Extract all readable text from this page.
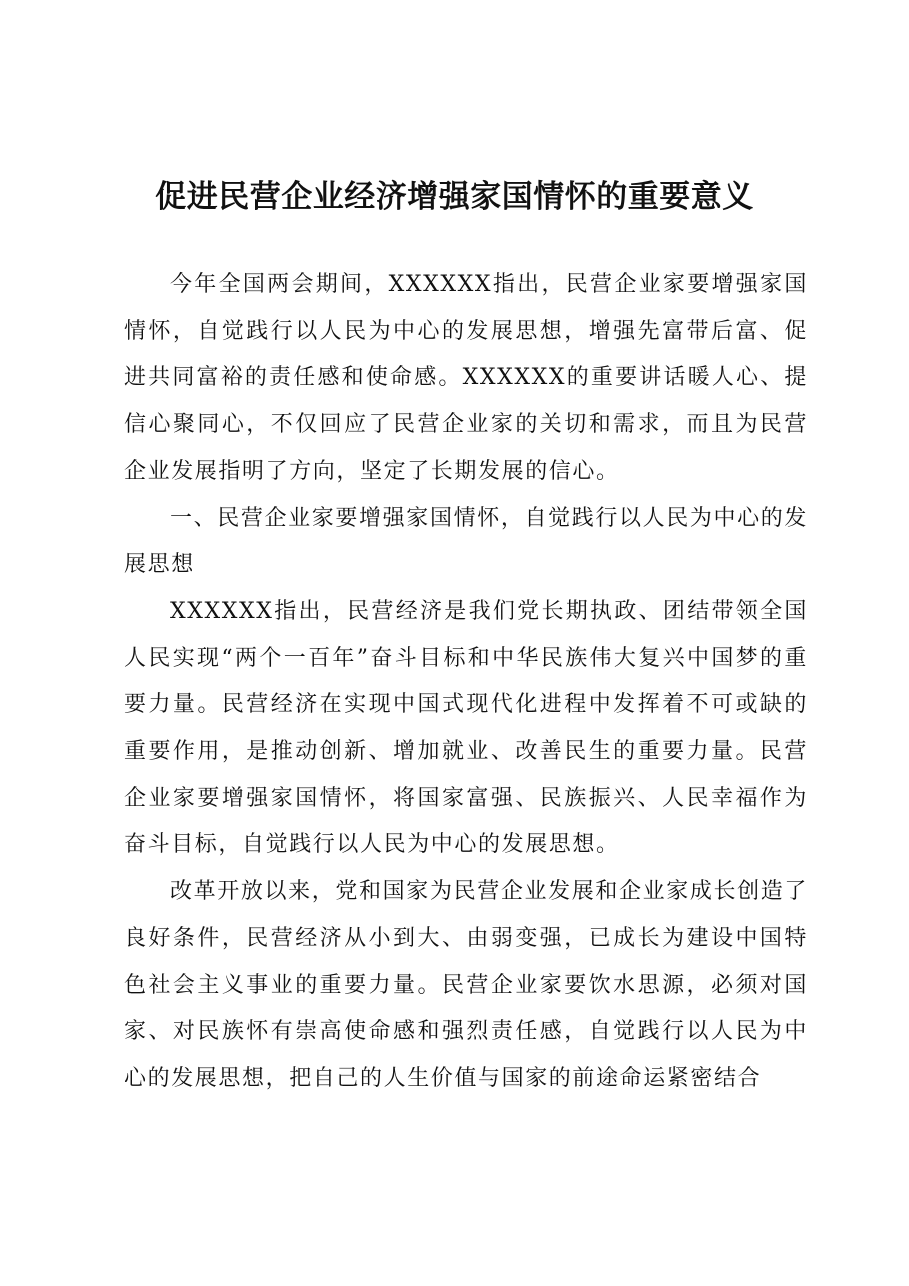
促进民营企业经济增强家国情怀的重要意义

今年全国两会期间，XXXXXX指出，民营企业家要增强家国情怀，自觉践行以人民为中心的发展思想，增强先富带后富、促进共同富裕的责任感和使命感。XXXXXX的重要讲话暖人心、提信心聚同心，不仅回应了民营企业家的关切和需求，而且为民营企业发展指明了方向，坚定了长期发展的信心。

一、民营企业家要增强家国情怀，自觉践行以人民为中心的发展思想

XXXXXX指出，民营经济是我们党长期执政、团结带领全国人民实现“两个一百年”奋斗目标和中华民族伟大复兴中国梦的重要力量。民营经济在实现中国式现代化进程中发挥着不可或缺的重要作用，是推动创新、增加就业、改善民生的重要力量。民营企业家要增强家国情怀，将国家富强、民族振兴、人民幸福作为奋斗目标，自觉践行以人民为中心的发展思想。

改革开放以来，党和国家为民营企业发展和企业家成长创造了良好条件，民营经济从小到大、由弱变强，已成长为建设中国特色社会主义事业的重要力量。民营企业家要饮水思源，必须对国家、对民族怀有崇高使命感和强烈责任感，自觉践行以人民为中心的发展思想，把自己的人生价值与国家的前途命运紧密结合
